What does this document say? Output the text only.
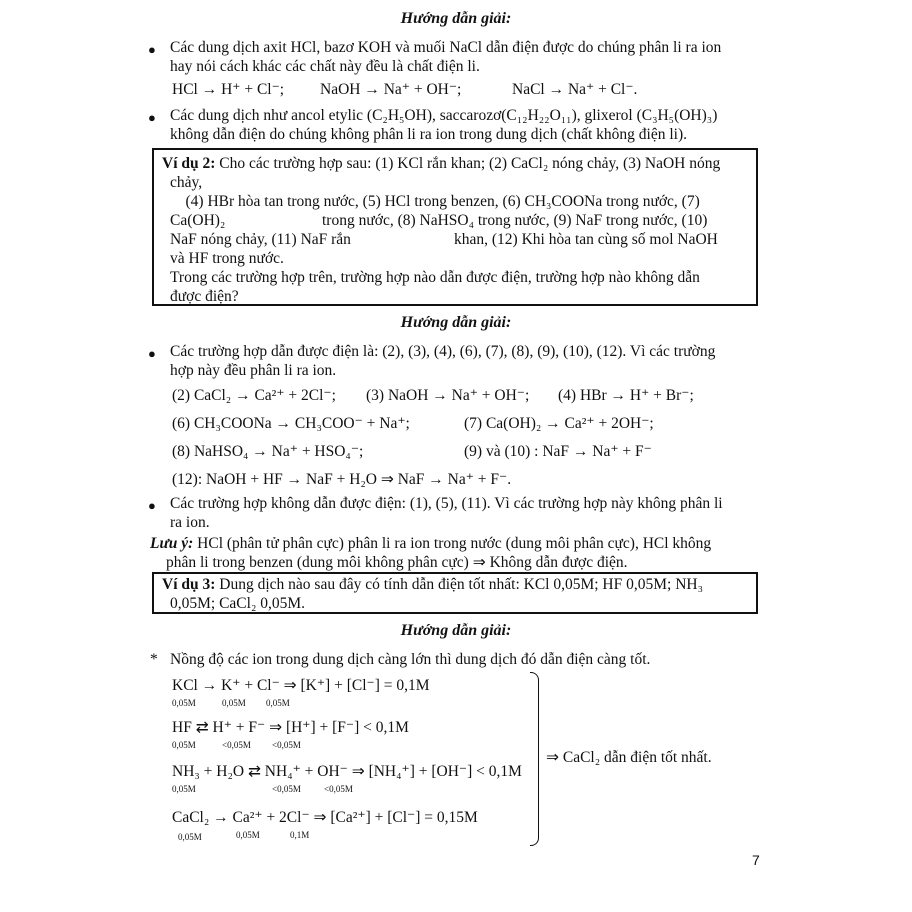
Hướng dẫn giải:
● Các dung dịch axit HCl, bazơ KOH và muối NaCl dẫn điện được do chúng phân li ra ion
hay nói cách khác các chất này đều là chất điện li.
HCl → H⁺ + Cl⁻; NaOH → Na⁺ + OH⁻;	NaCl → Na⁺ + Cl⁻.
● Các dung dịch như ancol etylic (C₂H₅OH), saccarozơ(C₁₂H₂₂O₁₁), glixerol (C₃H₅(OH)₃)
không dẫn điện do chúng không phân li ra ion trong dung dịch (chất không điện li).
Ví dụ 2: Cho các trường hợp sau: (1) KCl rắn khan; (2) CaCl₂ nóng chảy, (3) NaOH nóng
chảy,
(4) HBr hòa tan trong nước, (5) HCl trong benzen, (6) CH₃COONa trong nước, (7)
Ca(OH)₂	trong nước, (8) NaHSO₄ trong nước, (9) NaF trong nước, (10)
NaF nóng chảy, (11) NaF rắn	khan, (12) Khi hòa tan cùng số mol NaOH
và HF trong nước.
Trong các trường hợp trên, trường hợp nào dẫn được điện, trường hợp nào không dẫn
được điện?
Hướng dẫn giải:
● Các trường hợp dẫn được điện là: (2), (3), (4), (6), (7), (8), (9), (10), (12). Vì các trường
hợp này đều phân li ra ion.
(2) CaCl₂ → Ca²⁺ + 2Cl⁻; (3) NaOH → Na⁺ + OH⁻; (4) HBr → H⁺ + Br⁻;
(6) CH₃COONa → CH₃COO⁻ + Na⁺;	(7) Ca(OH)₂ → Ca²⁺ + 2OH⁻;
(8) NaHSO₄ → Na⁺ + HSO₄⁻;	(9) và (10) : NaF → Na⁺ + F⁻
(12): NaOH + HF → NaF + H₂O ⇒ NaF → Na⁺ + F⁻.
● Các trường hợp không dẫn được điện: (1), (5), (11). Vì các trường hợp này không phân li
ra ion.
Lưu ý: HCl (phân tử phân cực) phân li ra ion trong nước (dung môi phân cực), HCl không
phân li trong benzen (dung môi không phân cực) ⇒ Không dẫn được điện.
Ví dụ 3: Dung dịch nào sau đây có tính dẫn điện tốt nhất: KCl 0,05M; HF 0,05M; NH₃
0,05M; CaCl₂ 0,05M.
Hướng dẫn giải:
* Nồng độ các ion trong dung dịch càng lớn thì dung dịch đó dẫn điện càng tốt.
KCl → K⁺ + Cl⁻ ⇒ [K⁺] + [Cl⁻] = 0,1M
0,05M	0,05M 0,05M
HF ⇄ H⁺ + F⁻ ⇒ [H⁺] + [F⁻] < 0,1M
0,05M	<0,05M <0,05M
NH₃ + H₂O ⇄ NH₄⁺ + OH⁻ ⇒ [NH₄⁺] + [OH⁻] < 0,1M
0,05M	<0,05M	<0,05M
CaCl₂ → Ca²⁺ + 2Cl⁻ ⇒ [Ca²⁺] + [Cl⁻] = 0,15M
0,05M	0,05M	0,1M
⇒ CaCl₂ dẫn điện tốt nhất.
7
